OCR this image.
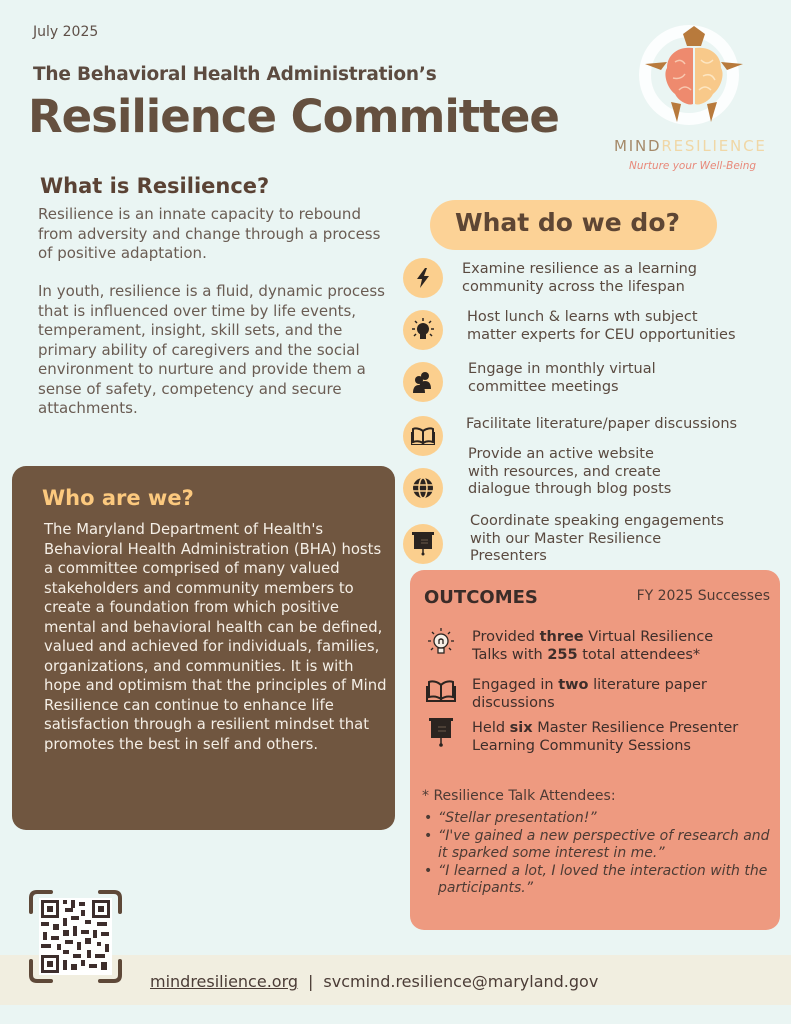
July 2025
The Behavioral Health Administration’s
Resilience Committee
MINDRESILIENCE
Nurture your Well-Being
What is Resilience?
Resilience is an innate capacity to rebound from adversity and change through a process of positive adaptation.
In youth, resilience is a fluid, dynamic process that is influenced over time by life events, temperament, insight, skill sets, and the primary ability of caregivers and the social environment to nurture and provide them a sense of safety, competency and secure attachments.
What do we do?
Examine resilience as a learning
community across the lifespan
Host lunch & learns wth subject
matter experts for CEU opportunities
Engage in monthly virtual
committee meetings
Facilitate literature/paper discussions
Provide an active website
with resources, and create
dialogue through blog posts
Coordinate speaking engagements
with our Master Resilience
Presenters
Who are we?
The Maryland Department of Health's Behavioral Health Administration (BHA) hosts a committee comprised of many valued stakeholders and community members to create a foundation from which positive mental and behavioral health can be defined, valued and achieved for individuals, families, organizations, and communities. It is with hope and optimism that the principles of Mind Resilience can continue to enhance life satisfaction through a resilient mindset that promotes the best in self and others.
OUTCOMES	FY 2025 Successes
Provided three Virtual Resilience
Talks with 255 total attendees*
Engaged in two literature paper
discussions
Held six Master Resilience Presenter
Learning Community Sessions
* Resilience Talk Attendees:
• “Stellar presentation!”
• “I've gained a new perspective of research and it sparked some interest in me.”
• “I learned a lot, I loved the interaction with the participants.”
mindresilience.org | svcmind.resilience@maryland.gov
